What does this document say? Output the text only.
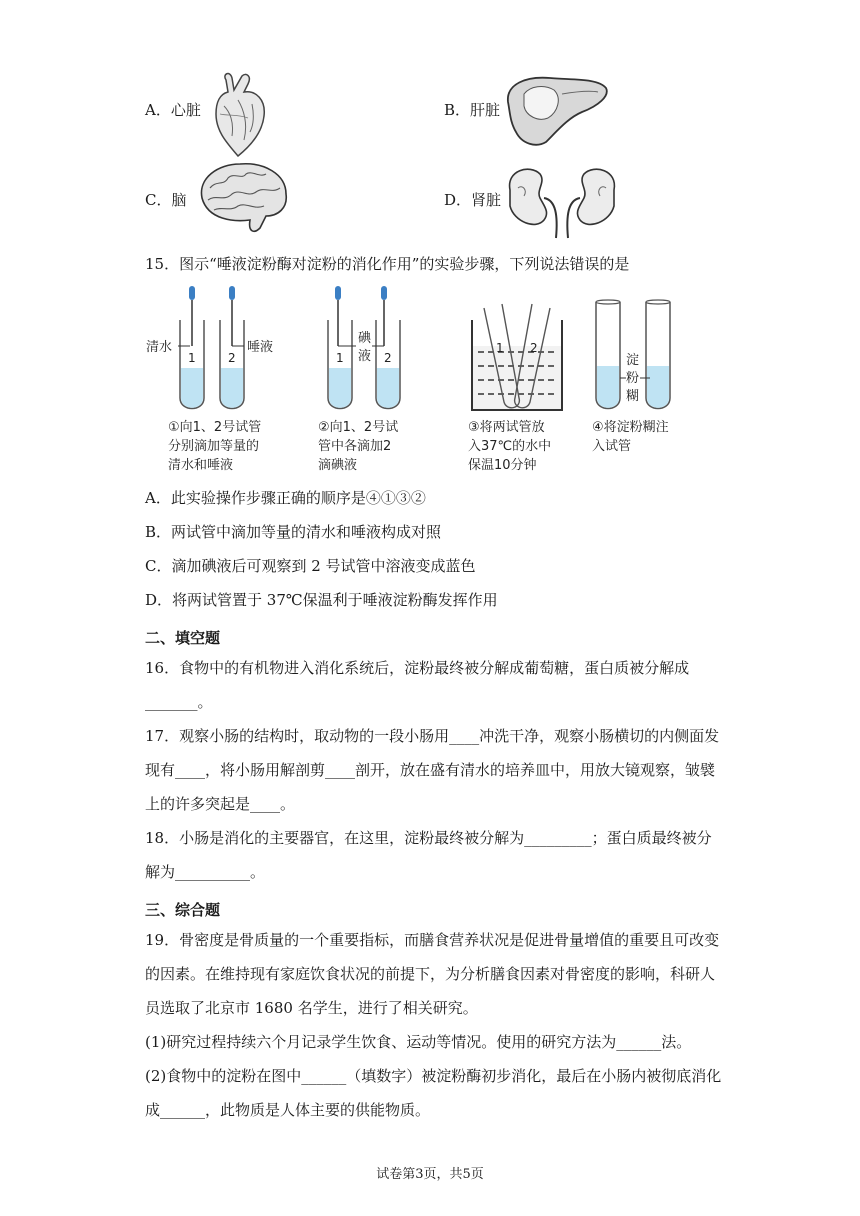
A．心脏	B．肝脏
C．脑	D．肾脏
15．图示“唾液淀粉酶对淀粉的消化作用”的实验步骤，下列说法错误的是
1	2
清水	唾液
①向1、2号试管
分别滴加等量的
清水和唾液
碘
液
1	2
②向1、2号试
管中各滴加2
滴碘液
1 2
③将两试管放
入37℃的水中
保温10分钟
淀
粉
糊
④将淀粉糊注
入试管
A．此实验操作步骤正确的顺序是④①③②
B．两试管中滴加等量的清水和唾液构成对照
C．滴加碘液后可观察到 2 号试管中溶液变成蓝色
D．将两试管置于 37℃保温利于唾液淀粉酶发挥作用
二、填空题
16．食物中的有机物进入消化系统后，淀粉最终被分解成葡萄糖，蛋白质被分解成
_______。
17．观察小肠的结构时，取动物的一段小肠用____冲洗干净，观察小肠横切的内侧面发
现有____，将小肠用解剖剪____剖开，放在盛有清水的培养皿中，用放大镜观察，皱襞
上的许多突起是____。
18．小肠是消化的主要器官，在这里，淀粉最终被分解为_________；蛋白质最终被分
解为__________。
三、综合题
19．骨密度是骨质量的一个重要指标，而膳食营养状况是促进骨量增值的重要且可改变
的因素。在维持现有家庭饮食状况的前提下，为分析膳食因素对骨密度的影响，科研人
员选取了北京市 1680 名学生，进行了相关研究。
(1)研究过程持续六个月记录学生饮食、运动等情况。使用的研究方法为______法。
(2)食物中的淀粉在图中______（填数字）被淀粉酶初步消化，最后在小肠内被彻底消化
成______，此物质是人体主要的供能物质。
试卷第3页，共5页
